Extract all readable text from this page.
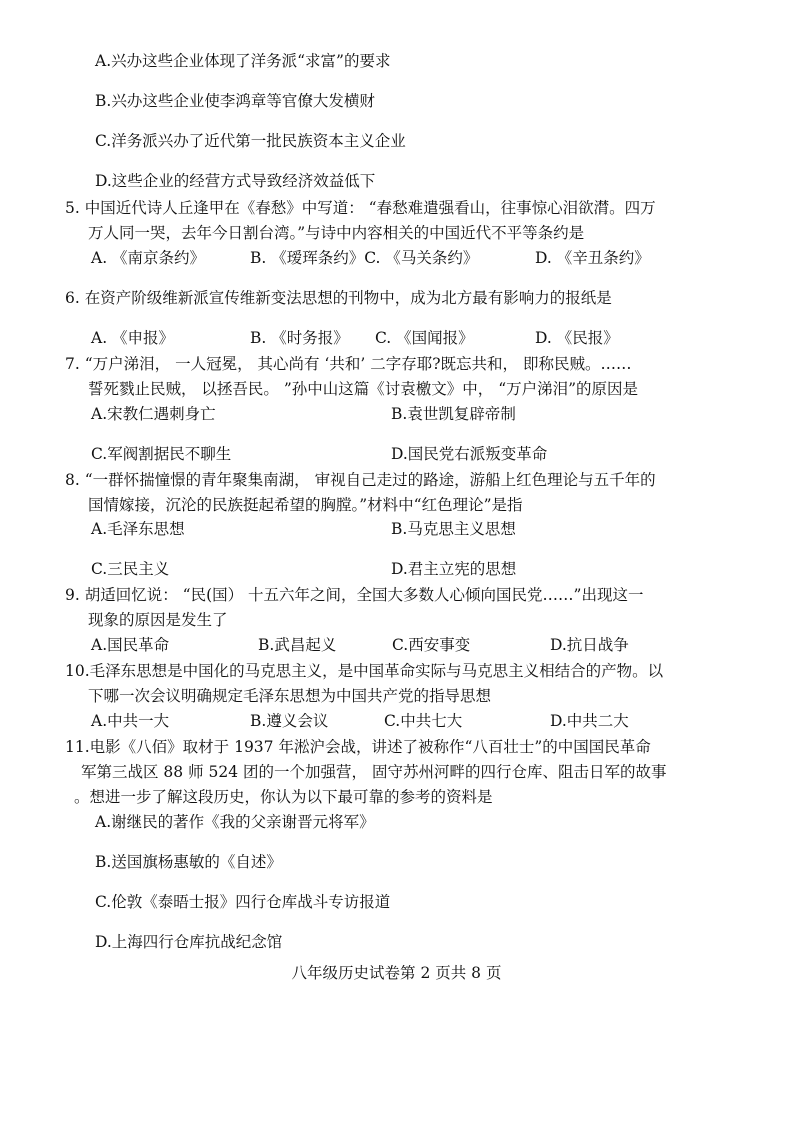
A.兴办这些企业体现了洋务派“求富”的要求
B.兴办这些企业使李鸿章等官僚大发横财
C.洋务派兴办了近代第一批民族资本主义企业
D.这些企业的经营方式导致经济效益低下
5. 中国近代诗人丘逢甲在《春愁》中写道： “春愁难遣强看山，往事惊心泪欲潸。四万
万人同一哭，去年今日割台湾。”与诗中内容相关的中国近代不平等条约是
A. 《南京条约》	B. 《瑷珲条约》C. 《马关条约》	D. 《辛丑条约》
6. 在资产阶级维新派宣传维新变法思想的刊物中，成为北方最有影响力的报纸是
A. 《申报》	B. 《时务报》 C. 《国闻报》	D. 《民报》
7. “万户涕泪， 一人冠冕， 其心尚有 ‘共和’ 二字存耶?既忘共和， 即称民贼。……
誓死戮止民贼， 以拯吾民。 ”孙中山这篇《讨袁檄文》中， “万户涕泪”的原因是
A.宋教仁遇刺身亡	B.袁世凯复辟帝制
C.军阀割据民不聊生	D.国民党右派叛变革命
8. “一群怀揣憧憬的青年聚集南湖， 审视自己走过的路途，游船上红色理论与五千年的
国情嫁接，沉沦的民族挺起希望的胸膛。”材料中“红色理论”是指
A.毛泽东思想	B.马克思主义思想
C.三民主义	D.君主立宪的思想
9. 胡适回忆说： “民(国） 十五六年之间，全国大多数人心倾向国民党……”出现这一
现象的原因是发生了
A.国民革命	B.武昌起义	C.西安事变	D.抗日战争
10.毛泽东思想是中国化的马克思主义，是中国革命实际与马克思主义相结合的产物。以
下哪一次会议明确规定毛泽东思想为中国共产党的指导思想
A.中共一大	B.遵义会议	C.中共七大	D.中共二大
11.电影《八佰》取材于 1937 年淞沪会战，讲述了被称作“八百壮士”的中国国民革命
军第三战区 88 师 524 团的一个加强营， 固守苏州河畔的四行仓库、阻击日军的故事
。想进一步了解这段历史，你认为以下最可靠的参考的资料是
A.谢继民的著作《我的父亲谢晋元将军》
B.送国旗杨惠敏的《自述》
C.伦敦《泰晤士报》四行仓库战斗专访报道
D.上海四行仓库抗战纪念馆
八年级历史试卷第 2 页共 8 页
